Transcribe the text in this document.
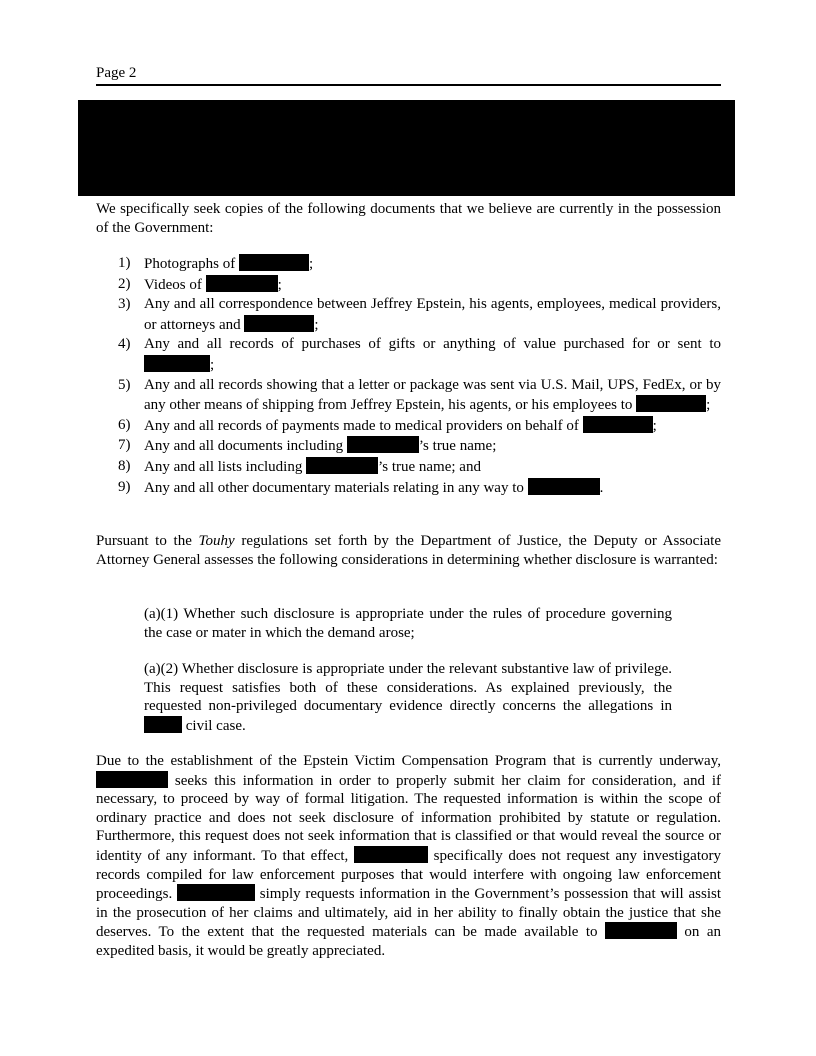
Page 2

We specifically seek copies of the following documents that we believe are currently in the possession of the Government:

1) Photographs of	;
2) Videos of	;
3) Any and all correspondence between Jeffrey Epstein, his agents, employees, medical providers, or attorneys and	;
4) Any and all records of purchases of gifts or anything of value purchased for or sent to ;
5) Any and all records showing that a letter or package was sent via U.S. Mail, UPS, FedEx, or by any other means of shipping from Jeffrey Epstein, his agents, or his employees to	;
6) Any and all records of payments made to medical providers on behalf of	;
7) Any and all documents including	’s true name;
8) Any and all lists including	’s true name; and
9) Any and all other documentary materials relating in any way to	.

Pursuant to the Touhy regulations set forth by the Department of Justice, the Deputy or Associate Attorney General assesses the following considerations in determining whether disclosure is warranted:

(a)(1) Whether such disclosure is appropriate under the rules of procedure governing the case or mater in which the demand arose;

(a)(2) Whether disclosure is appropriate under the relevant substantive law of privilege. This request satisfies both of these considerations. As explained previously, the requested non-privileged documentary evidence directly concerns the allegations in  civil case.

Due to the establishment of the Epstein Victim Compensation Program that is currently underway,  seeks this information in order to properly submit her claim for consideration, and if necessary, to proceed by way of formal litigation. The requested information is within the scope of ordinary practice and does not seek disclosure of information prohibited by statute or regulation. Furthermore, this request does not seek information that is classified or that would reveal the source or identity of any informant. To that effect,	specifically does not request any investigatory records compiled for law enforcement purposes that would interfere with ongoing law enforcement proceedings.	simply requests information in the Government’s possession that will assist in the prosecution of her claims and ultimately, aid in her ability to finally obtain the justice that she deserves. To the extent that the requested materials can be made available to	on an expedited basis, it would be greatly appreciated.
